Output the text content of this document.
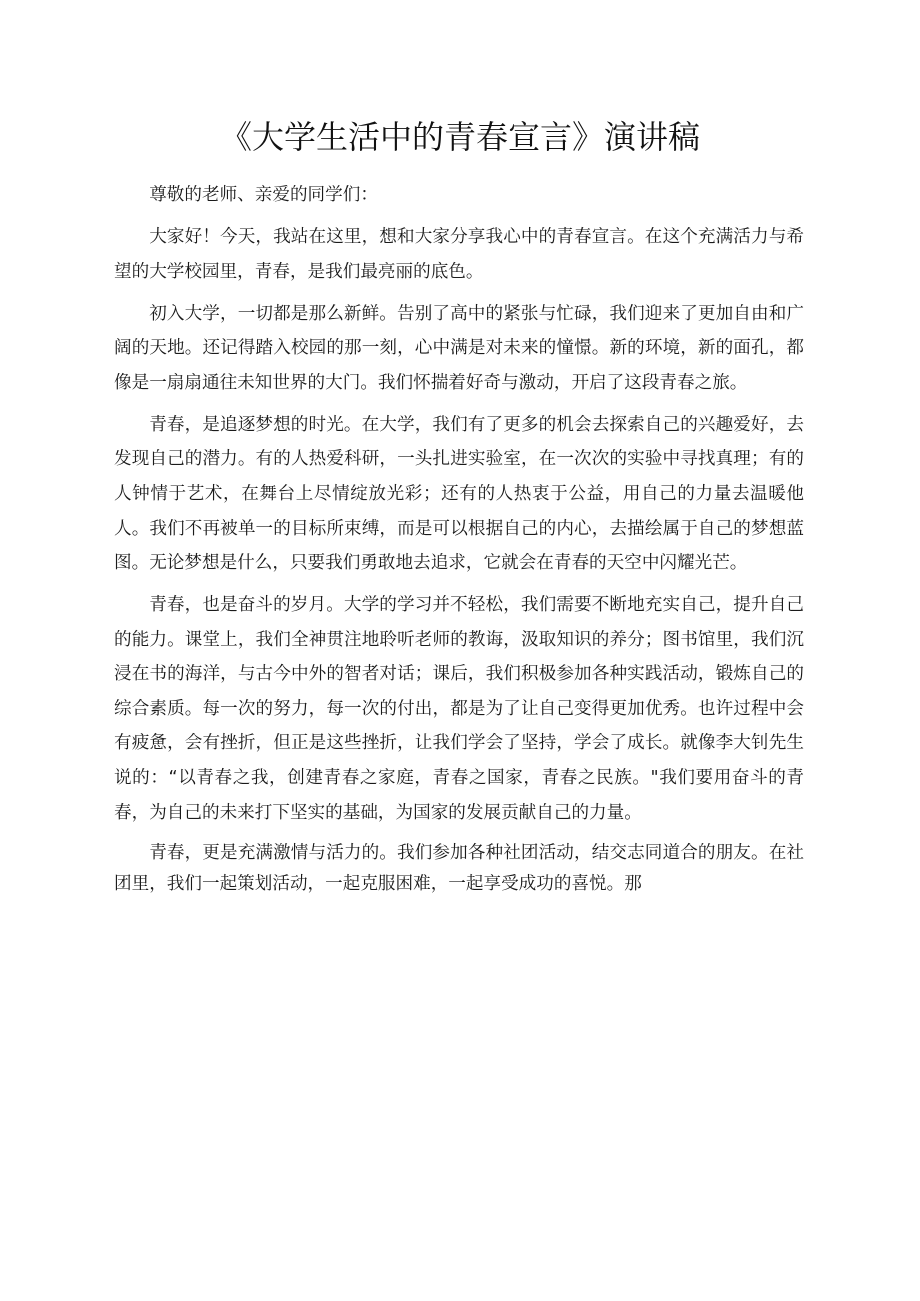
《大学生活中的青春宣言》演讲稿

尊敬的老师、亲爱的同学们：

大家好！今天，我站在这里，想和大家分享我心中的青春宣言。在这个充满活力与希望的大学校园里，青春，是我们最亮丽的底色。

初入大学，一切都是那么新鲜。告别了高中的紧张与忙碌，我们迎来了更加自由和广阔的天地。还记得踏入校园的那一刻，心中满是对未来的憧憬。新的环境，新的面孔，都像是一扇扇通往未知世界的大门。我们怀揣着好奇与激动，开启了这段青春之旅。

青春，是追逐梦想的时光。在大学，我们有了更多的机会去探索自己的兴趣爱好，去发现自己的潜力。有的人热爱科研，一头扎进实验室，在一次次的实验中寻找真理；有的人钟情于艺术，在舞台上尽情绽放光彩；还有的人热衷于公益，用自己的力量去温暖他人。我们不再被单一的目标所束缚，而是可以根据自己的内心，去描绘属于自己的梦想蓝图。无论梦想是什么，只要我们勇敢地去追求，它就会在青春的天空中闪耀光芒。

青春，也是奋斗的岁月。大学的学习并不轻松，我们需要不断地充实自己，提升自己的能力。课堂上，我们全神贯注地聆听老师的教诲，汲取知识的养分；图书馆里，我们沉浸在书的海洋，与古今中外的智者对话；课后，我们积极参加各种实践活动，锻炼自己的综合素质。每一次的努力，每一次的付出，都是为了让自己变得更加优秀。也许过程中会有疲惫，会有挫折，但正是这些挫折，让我们学会了坚持，学会了成长。就像李大钊先生说的：“以青春之我，创建青春之家庭，青春之国家，青春之民族。"我们要用奋斗的青春，为自己的未来打下坚实的基础，为国家的发展贡献自己的力量。

青春，更是充满激情与活力的。我们参加各种社团活动，结交志同道合的朋友。在社团里，我们一起策划活动，一起克服困难，一起享受成功的喜悦。那
